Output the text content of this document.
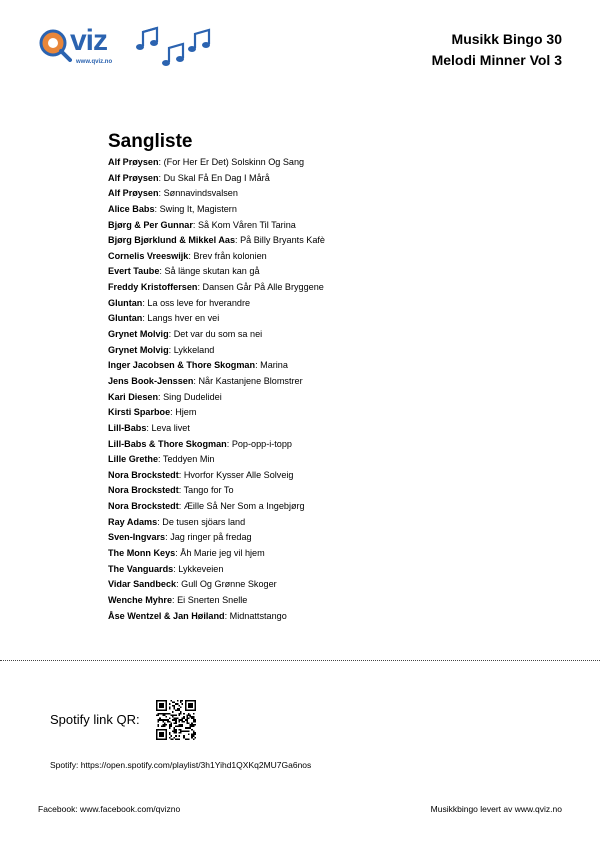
viz
www.qviz.no
Musikk Bingo 30
Melodi Minner Vol 3
Sangliste
Alf Prøysen: (For Her Er Det) Solskinn Og Sang
Alf Prøysen: Du Skal Få En Dag I Mårå
Alf Prøysen: Sønnavindsvalsen
Alice Babs: Swing It, Magistern
Bjørg & Per Gunnar: Så Kom Våren Til Tarina
Bjørg Bjørklund & Mikkel Aas: På Billy Bryants Kafè
Cornelis Vreeswijk: Brev från kolonien
Evert Taube: Så länge skutan kan gå
Freddy Kristoffersen: Dansen Går På Alle Bryggene
Gluntan: La oss leve for hverandre
Gluntan: Langs hver en vei
Grynet Molvig: Det var du som sa nei
Grynet Molvig: Lykkeland
Inger Jacobsen & Thore Skogman: Marina
Jens Book-Jenssen: Når Kastanjene Blomstrer
Kari Diesen: Sing Dudelidei
Kirsti Sparboe: Hjem
Lill-Babs: Leva livet
Lill-Babs & Thore Skogman: Pop-opp-i-topp
Lille Grethe: Teddyen Min
Nora Brockstedt: Hvorfor Kysser Alle Solveig
Nora Brockstedt: Tango for To
Nora Brockstedt: Æille Så Ner Som a Ingebjørg
Ray Adams: De tusen sjöars land
Sven-Ingvars: Jag ringer på fredag
The Monn Keys: Åh Marie jeg vil hjem
The Vanguards: Lykkeveien
Vidar Sandbeck: Gull Og Grønne Skoger
Wenche Myhre: Ei Snerten Snelle
Åse Wentzel & Jan Høiland: Midnattstango
Spotify link QR:
Spotify: https://open.spotify.com/playlist/3h1Yihd1QXKq2MU7Ga6nos
Facebook: www.facebook.com/qvizno	Musikkbingo levert av www.qviz.no
